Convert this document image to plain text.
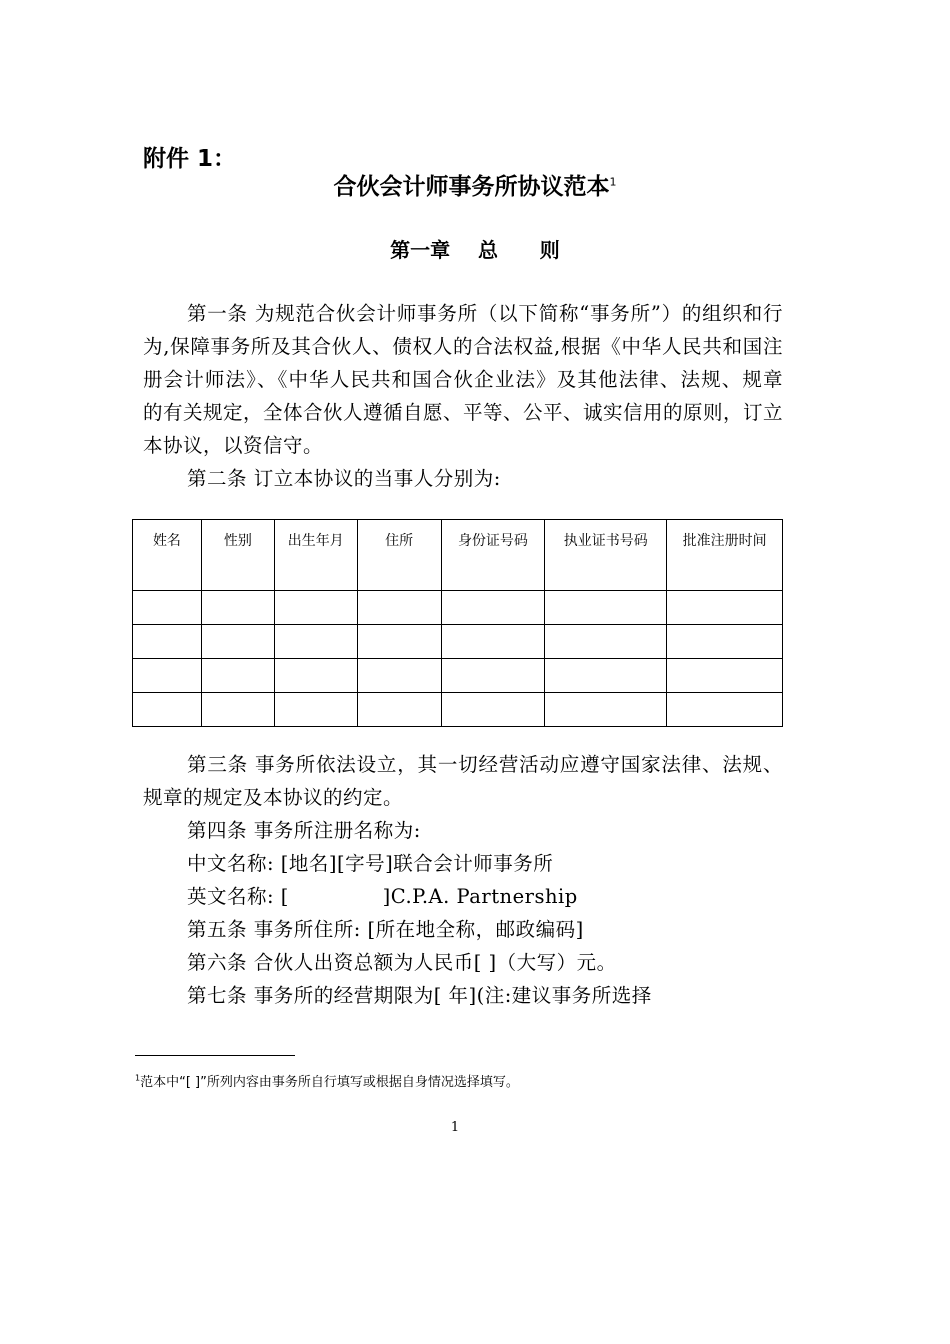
附件 1：
合伙会计师事务所协议范本$^1$
第一章    总      则

第一条 为规范合伙会计师事务所（以下简称“事务所”）的组织和行为,保障事务所及其合伙人、债权人的合法权益,根据《中华人民共和国注册会计师法》、《中华人民共和国合伙企业法》及其他法律、法规、规章的有关规定，全体合伙人遵循自愿、平等、公平、诚实信用的原则，订立本协议，以资信守。

第二条 订立本协议的当事人分别为:

姓名	性别	出生年月	住所	身份证号码	执业证书号码	批准注册时间

第三条 事务所依法设立，其一切经营活动应遵守国家法律、法规、规章的规定及本协议的约定。

第四条 事务所注册名称为:

中文名称: [地名][字号]联合会计师事务所

英文名称: [              ]C.P.A. Partnership

第五条 事务所住所: [所在地全称，邮政编码]

第六条 合伙人出资总额为人民币[ ]（大写）元。

第七条 事务所的经营期限为[ 年](注:建议事务所选择

$^1$范本中“[ ]”所列内容由事务所自行填写或根据自身情况选择填写。
1
